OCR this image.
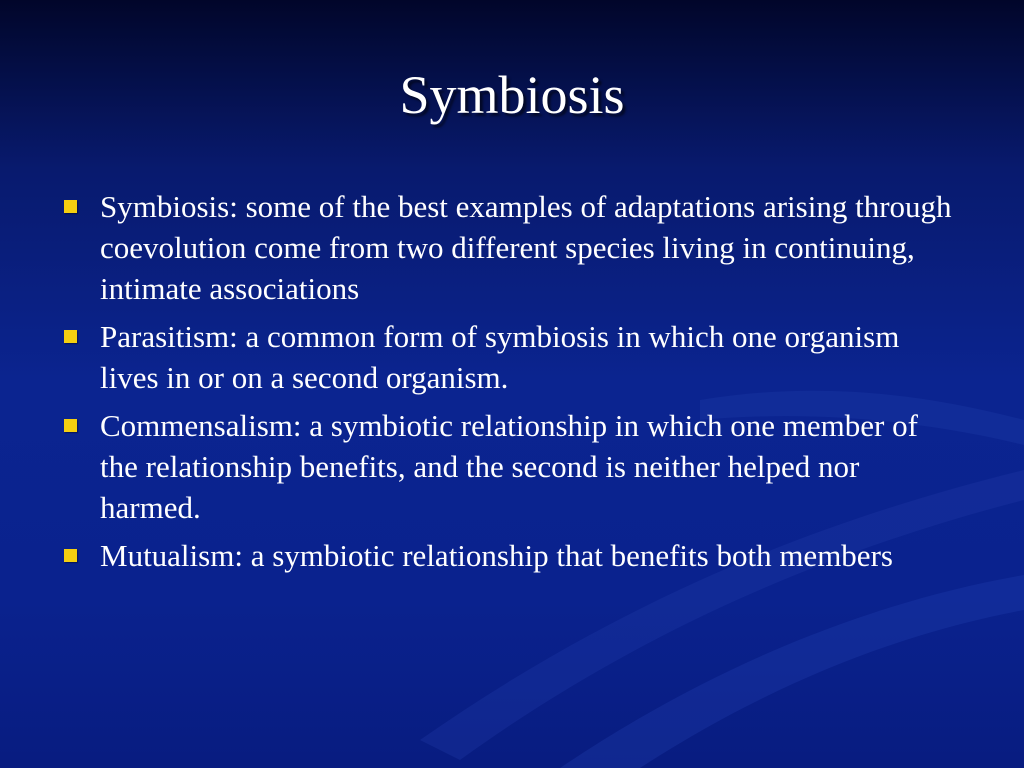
Symbiosis
Symbiosis: some of the best examples of adaptations arising through coevolution come from two different species living in continuing, intimate associations
Parasitism: a common form of symbiosis in which one organism lives in or on a second organism.
Commensalism: a symbiotic relationship in which one member of the relationship benefits, and the second is neither helped nor harmed.
Mutualism: a symbiotic relationship that benefits both members
